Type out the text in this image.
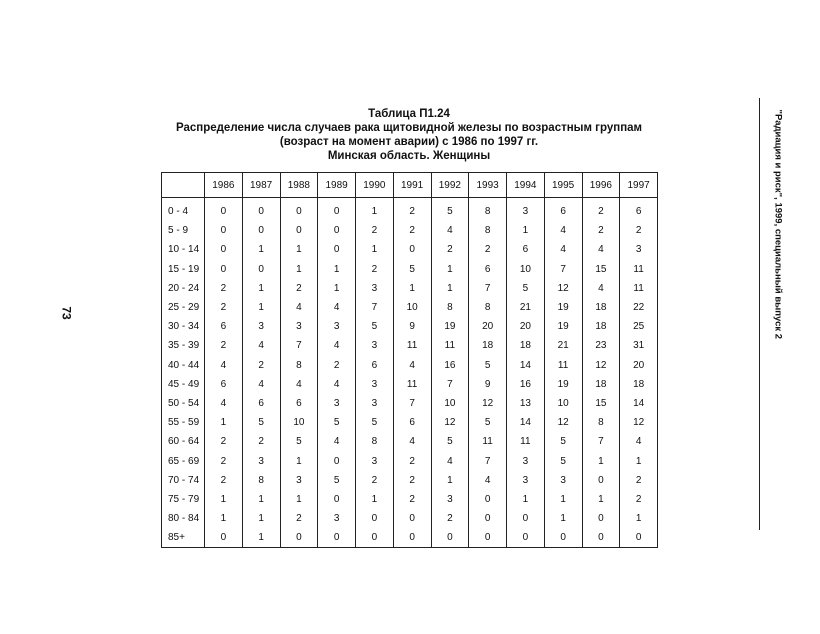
73	"Радиация и риск", 1999, специальный выпуск 2
Таблица П1.24
Распределение числа случаев рака щитовидной железы по возрастным группам
(возраст на момент аварии) с 1986 по 1997 гг.
Минская область. Женщины
	1986	1987	1988	1989	1990	1991	1992	1993	1994	1995	1996	1997
0 - 4	0	0	0	0	1	2	5	8	3	6	2	6
5 - 9	0	0	0	0	2	2	4	8	1	4	2	2
10 - 14	0	1	1	0	1	0	2	2	6	4	4	3
15 - 19	0	0	1	1	2	5	1	6	10	7	15	11
20 - 24	2	1	2	1	3	1	1	7	5	12	4	11
25 - 29	2	1	4	4	7	10	8	8	21	19	18	22
30 - 34	6	3	3	3	5	9	19	20	20	19	18	25
35 - 39	2	4	7	4	3	11	11	18	18	21	23	31
40 - 44	4	2	8	2	6	4	16	5	14	11	12	20
45 - 49	6	4	4	4	3	11	7	9	16	19	18	18
50 - 54	4	6	6	3	3	7	10	12	13	10	15	14
55 - 59	1	5	10	5	5	6	12	5	14	12	8	12
60 - 64	2	2	5	4	8	4	5	11	11	5	7	4
65 - 69	2	3	1	0	3	2	4	7	3	5	1	1
70 - 74	2	8	3	5	2	2	1	4	3	3	0	2
75 - 79	1	1	1	0	1	2	3	0	1	1	1	2
80 - 84	1	1	2	3	0	0	2	0	0	1	0	1
85+	0	1	0	0	0	0	0	0	0	0	0	0
